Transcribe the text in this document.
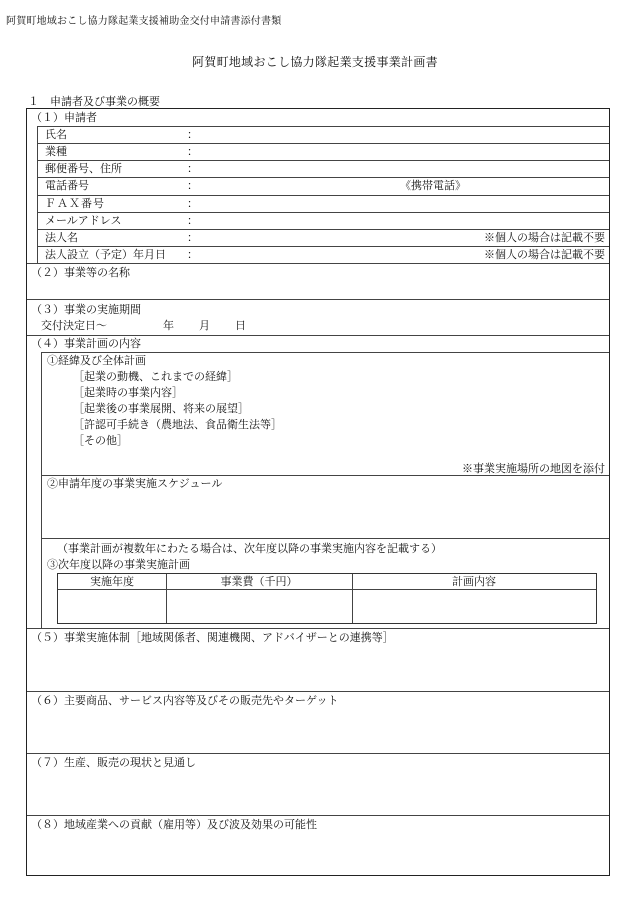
阿賀町地域おこし協力隊起業支援補助金交付申請書添付書類
阿賀町地域おこし協力隊起業支援事業計画書
１　申請者及び事業の概要
（１）申請者
氏名	：
業種	：
郵便番号、住所	：
電話番号	：	《携帯電話》
ＦＡＸ番号	：
メールアドレス	：
法人名	：	※個人の場合は記載不要
法人設立（予定）年月日 ：	※個人の場合は記載不要
（２）事業等の名称
（３）事業の実施期間
交付決定日～	年 月 日
（４）事業計画の内容
①経緯及び全体計画
［起業の動機、これまでの経緯］
［起業時の事業内容］
［起業後の事業展開、将来の展望］
［許認可手続き（農地法、食品衛生法等］
［その他］
※事業実施場所の地図を添付
②申請年度の事業実施スケジュール
（事業計画が複数年にわたる場合は、次年度以降の事業実施内容を記載する）
③次年度以降の事業実施計画
実施年度	事業費（千円）	計画内容
（５）事業実施体制［地域関係者、関連機関、アドバイザーとの連携等］
（６）主要商品、サービス内容等及びその販売先やターゲット
（７）生産、販売の現状と見通し
（８）地域産業への貢献（雇用等）及び波及効果の可能性
